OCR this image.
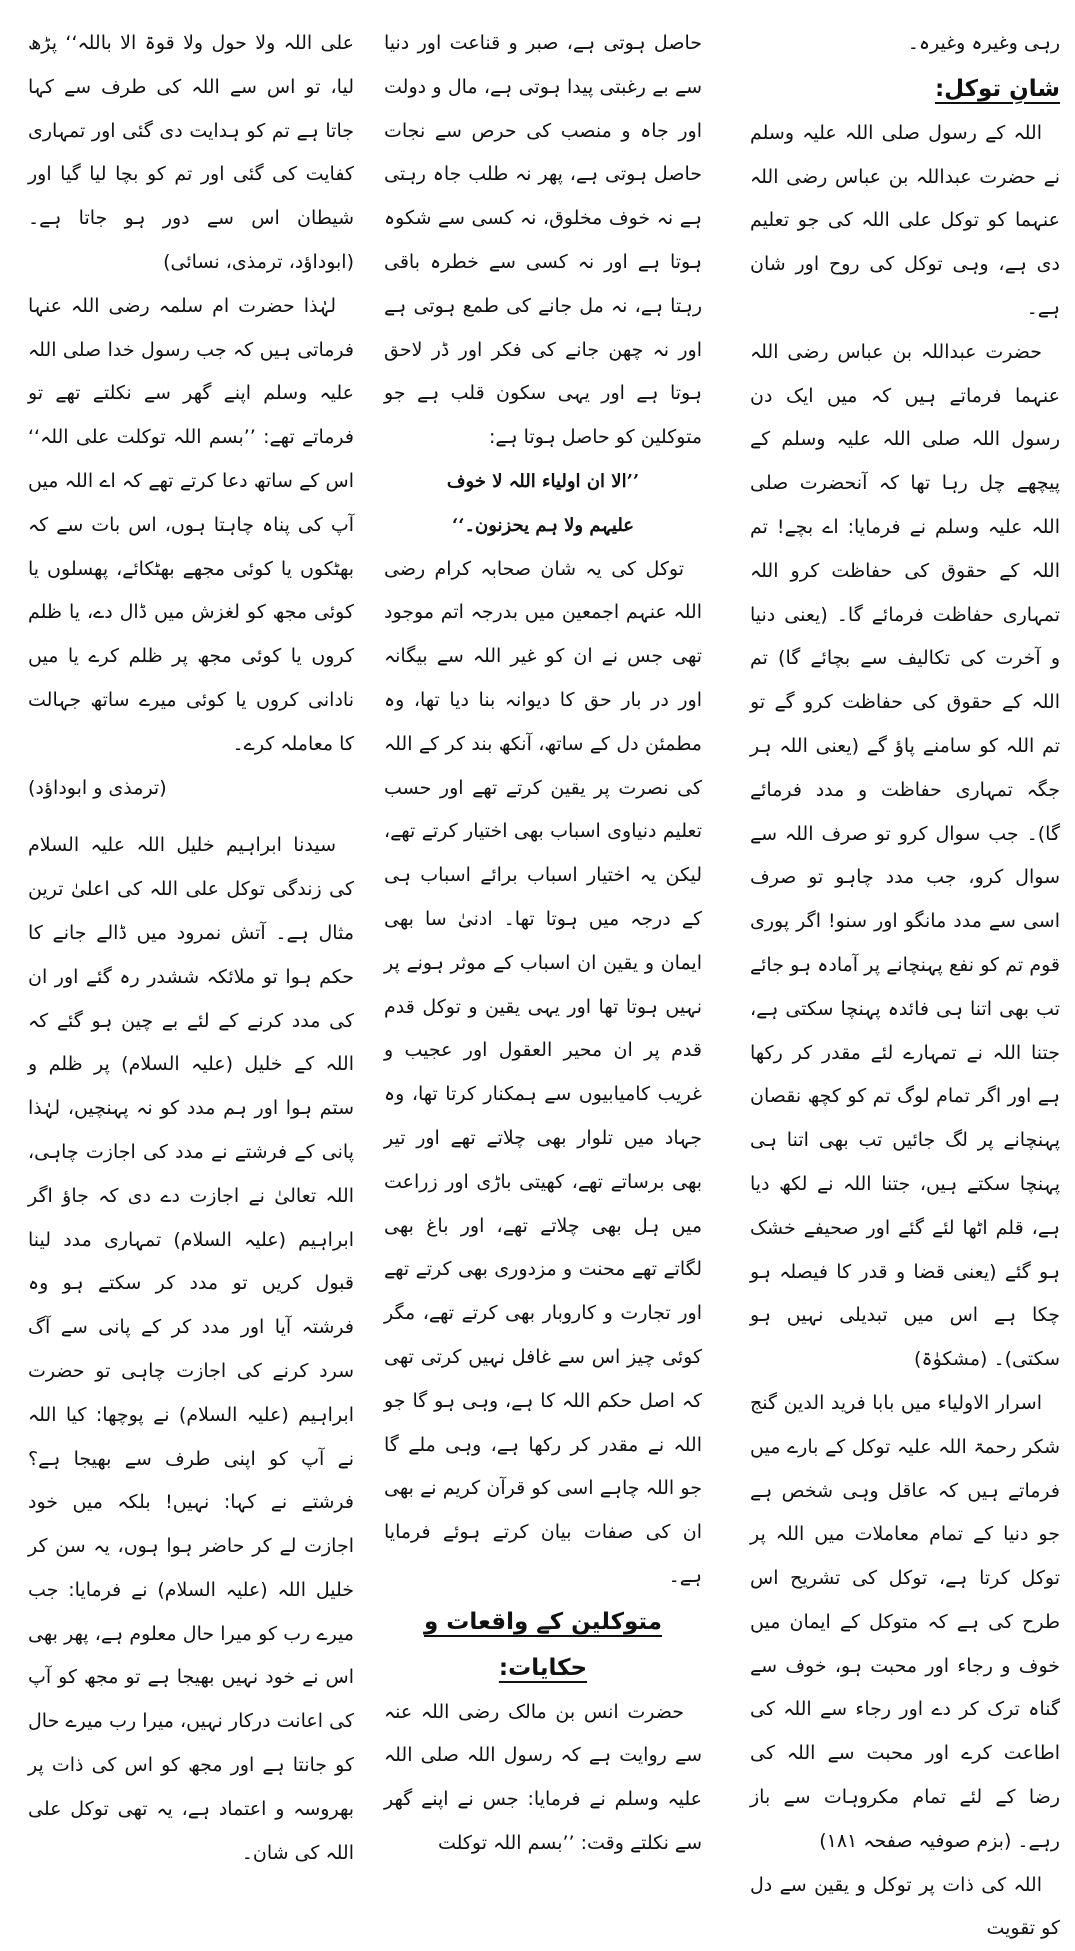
رہی وغیرہ وغیرہ۔

شانِ توکل:

اللہ کے رسول صلی اللہ علیہ وسلم نے حضرت عبداللہ بن عباس رضی اللہ عنہما کو توکل علی اللہ کی جو تعلیم دی ہے، وہی توکل کی روح اور شان ہے۔

حضرت عبداللہ بن عباس رضی اللہ عنہما فرماتے ہیں کہ میں ایک دن رسول اللہ صلی اللہ علیہ وسلم کے پیچھے چل رہا تھا کہ آنحضرت صلی اللہ علیہ وسلم نے فرمایا: اے بچے! تم اللہ کے حقوق کی حفاظت کرو اللہ تمہاری حفاظت فرمائے گا۔ (یعنی دنیا و آخرت کی تکالیف سے بچائے گا) تم اللہ کے حقوق کی حفاظت کرو گے تو تم اللہ کو سامنے پاؤ گے (یعنی اللہ ہر جگہ تمہاری حفاظت و مدد فرمائے گا)۔ جب سوال کرو تو صرف اللہ سے سوال کرو، جب مدد چاہو تو صرف اسی سے مدد مانگو اور سنو! اگر پوری قوم تم کو نفع پہنچانے پر آمادہ ہو جائے تب بھی اتنا ہی فائدہ پہنچا سکتی ہے، جتنا اللہ نے تمہارے لئے مقدر کر رکھا ہے اور اگر تمام لوگ تم کو کچھ نقصان پہنچانے پر لگ جائیں تب بھی اتنا ہی پہنچا سکتے ہیں، جتنا اللہ نے لکھ دیا ہے، قلم اٹھا لئے گئے اور صحیفے خشک ہو گئے (یعنی قضا و قدر کا فیصلہ ہو چکا ہے اس میں تبدیلی نہیں ہو سکتی)۔ (مشکوٰۃ)

اسرار الاولیاء میں بابا فرید الدین گنج شکر رحمۃ اللہ علیہ توکل کے بارے میں فرماتے ہیں کہ عاقل وہی شخص ہے جو دنیا کے تمام معاملات میں اللہ پر توکل کرتا ہے، توکل کی تشریح اس طرح کی ہے کہ متوکل کے ایمان میں خوف و رجاء اور محبت ہو، خوف سے گناہ ترک کر دے اور رجاء سے اللہ کی اطاعت کرے اور محبت سے اللہ کی رضا کے لئے تمام مکروہات سے باز رہے۔ (بزم صوفیہ صفحہ ۱۸۱)

اللہ کی ذات پر توکل و یقین سے دل کو تقویت

حاصل ہوتی ہے، صبر و قناعت اور دنیا سے بے رغبتی پیدا ہوتی ہے، مال و دولت اور جاہ و منصب کی حرص سے نجات حاصل ہوتی ہے، پھر نہ طلب جاہ رہتی ہے نہ خوف مخلوق، نہ کسی سے شکوہ ہوتا ہے اور نہ کسی سے خطرہ باقی رہتا ہے، نہ مل جانے کی طمع ہوتی ہے اور نہ چھن جانے کی فکر اور ڈر لاحق ہوتا ہے اور یہی سکون قلب ہے جو متوکلین کو حاصل ہوتا ہے:

’’الا ان اولیاء اللہ لا خوف

علیہم ولا ہم یحزنون۔‘‘

توکل کی یہ شان صحابہ کرام رضی اللہ عنہم اجمعین میں بدرجہ اتم موجود تھی جس نے ان کو غیر اللہ سے بیگانہ اور در بار حق کا دیوانہ بنا دیا تھا، وہ مطمئن دل کے ساتھ، آنکھ بند کر کے اللہ کی نصرت پر یقین کرتے تھے اور حسب تعلیم دنیاوی اسباب بھی اختیار کرتے تھے، لیکن یہ اختیار اسباب برائے اسباب ہی کے درجہ میں ہوتا تھا۔ ادنیٰ سا بھی ایمان و یقین ان اسباب کے موثر ہونے پر نہیں ہوتا تھا اور یہی یقین و توکل قدم قدم پر ان محیر العقول اور عجیب و غریب کامیابیوں سے ہمکنار کرتا تھا، وہ جہاد میں تلوار بھی چلاتے تھے اور تیر بھی برساتے تھے، کھیتی باڑی اور زراعت میں ہل بھی چلاتے تھے، اور باغ بھی لگاتے تھے محنت و مزدوری بھی کرتے تھے اور تجارت و کاروبار بھی کرتے تھے، مگر کوئی چیز اس سے غافل نہیں کرتی تھی کہ اصل حکم اللہ کا ہے، وہی ہو گا جو اللہ نے مقدر کر رکھا ہے، وہی ملے گا جو اللہ چاہے اسی کو قرآن کریم نے بھی ان کی صفات بیان کرتے ہوئے فرمایا ہے۔

متوکلین کے واقعات و حکایات:

حضرت انس بن مالک رضی اللہ عنہ سے روایت ہے کہ رسول اللہ صلی اللہ علیہ وسلم نے فرمایا: جس نے اپنے گھر سے نکلتے وقت: ’’بسم اللہ توکلت

علی اللہ ولا حول ولا قوۃ الا باللہ‘‘ پڑھ لیا، تو اس سے اللہ کی طرف سے کہا جاتا ہے تم کو ہدایت دی گئی اور تمہاری کفایت کی گئی اور تم کو بچا لیا گیا اور شیطان اس سے دور ہو جاتا ہے۔ (ابوداؤد، ترمذی، نسائی)

لہٰذا حضرت ام سلمہ رضی اللہ عنہا فرماتی ہیں کہ جب رسول خدا صلی اللہ علیہ وسلم اپنے گھر سے نکلتے تھے تو فرماتے تھے: ’’بسم اللہ توکلت علی اللہ‘‘ اس کے ساتھ دعا کرتے تھے کہ اے اللہ میں آپ کی پناہ چاہتا ہوں، اس بات سے کہ بھٹکوں یا کوئی مجھے بھٹکائے، پھسلوں یا کوئی مجھ کو لغزش میں ڈال دے، یا ظلم کروں یا کوئی مجھ پر ظلم کرے یا میں نادانی کروں یا کوئی میرے ساتھ جہالت کا معاملہ کرے۔

(ترمذی و ابوداؤد)

سیدنا ابراہیم خلیل اللہ علیہ السلام کی زندگی توکل علی اللہ کی اعلیٰ ترین مثال ہے۔ آتش نمرود میں ڈالے جانے کا حکم ہوا تو ملائکہ ششدر رہ گئے اور ان کی مدد کرنے کے لئے بے چین ہو گئے کہ اللہ کے خلیل (علیہ السلام) پر ظلم و ستم ہوا اور ہم مدد کو نہ پہنچیں، لہٰذا پانی کے فرشتے نے مدد کی اجازت چاہی، اللہ تعالیٰ نے اجازت دے دی کہ جاؤ اگر ابراہیم (علیہ السلام) تمہاری مدد لینا قبول کریں تو مدد کر سکتے ہو وہ فرشتہ آیا اور مدد کر کے پانی سے آگ سرد کرنے کی اجازت چاہی تو حضرت ابراہیم (علیہ السلام) نے پوچھا: کیا اللہ نے آپ کو اپنی طرف سے بھیجا ہے؟ فرشتے نے کہا: نہیں! بلکہ میں خود اجازت لے کر حاضر ہوا ہوں، یہ سن کر خلیل اللہ (علیہ السلام) نے فرمایا: جب میرے رب کو میرا حال معلوم ہے، پھر بھی اس نے خود نہیں بھیجا ہے تو مجھ کو آپ کی اعانت درکار نہیں، میرا رب میرے حال کو جانتا ہے اور مجھ کو اس کی ذات پر بھروسہ و اعتماد ہے، یہ تھی توکل علی اللہ کی شان۔
